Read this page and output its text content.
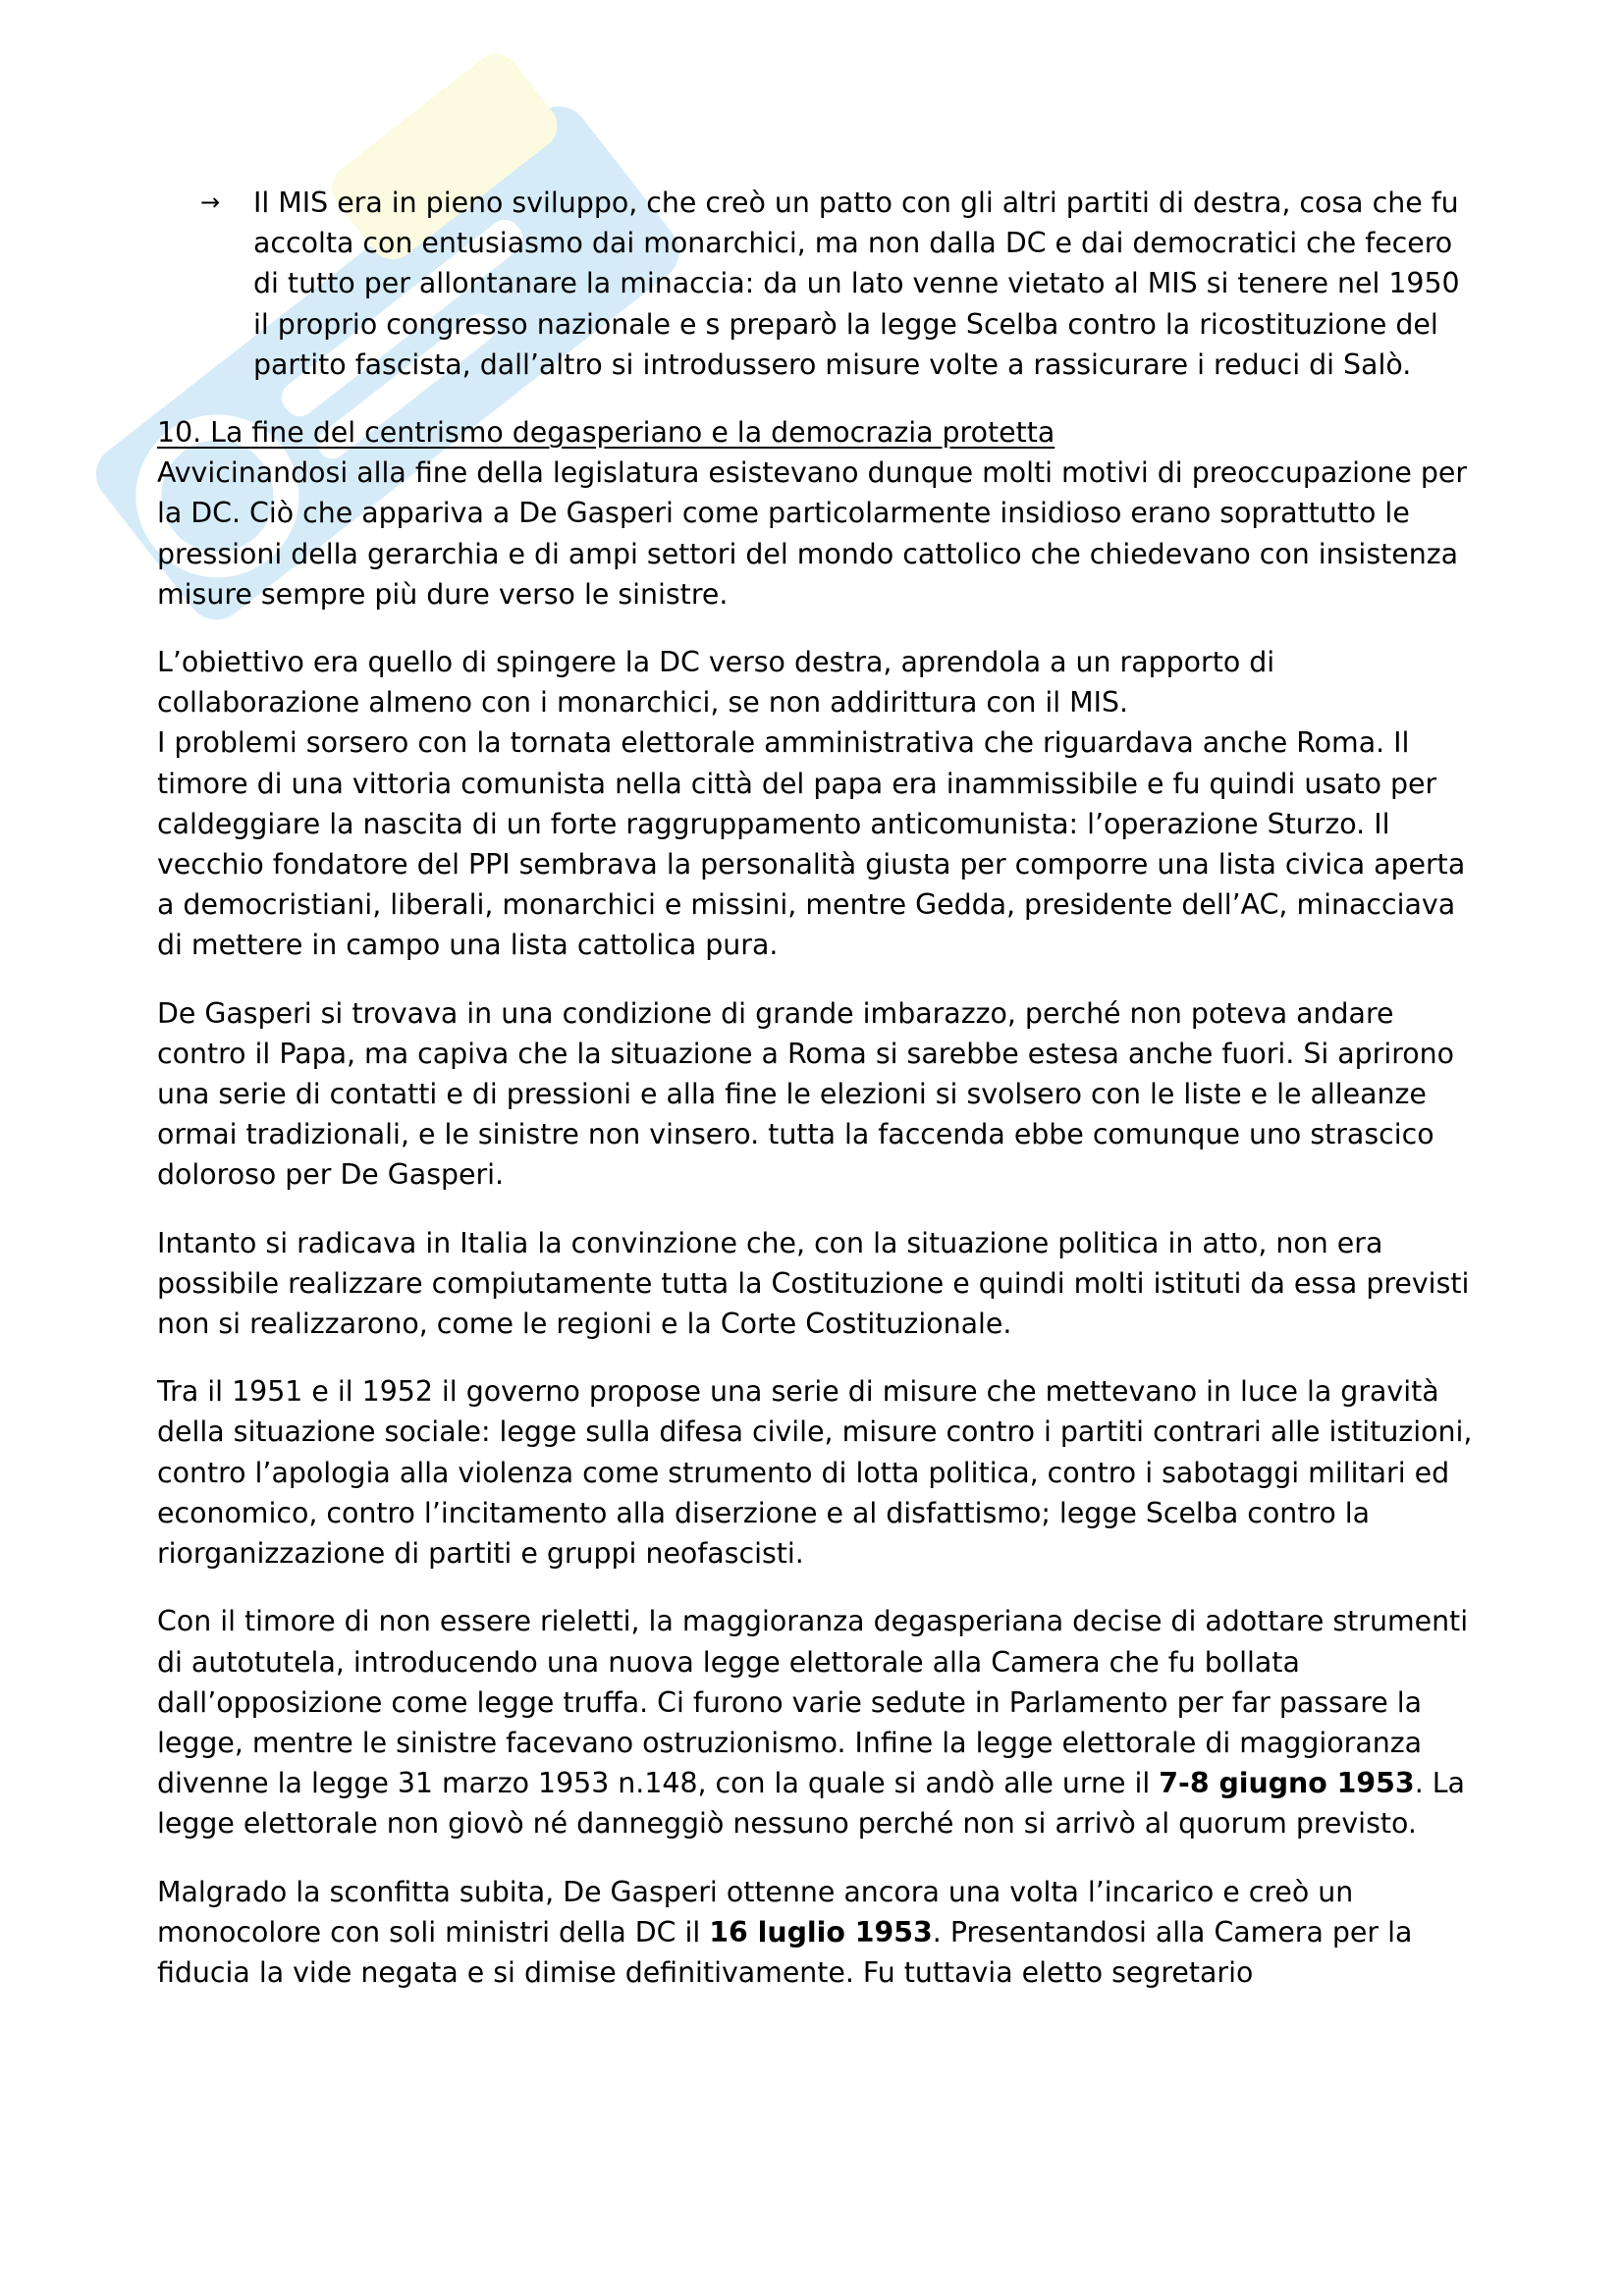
→ Il MIS era in pieno sviluppo, che creò un patto con gli altri partiti di destra, cosa che fu accolta con entusiasmo dai monarchici, ma non dalla DC e dai democratici che fecero di tutto per allontanare la minaccia: da un lato venne vietato al MIS si tenere nel 1950 il proprio congresso nazionale e s preparò la legge Scelba contro la ricostituzione del partito fascista, dall’altro si introdussero misure volte a rassicurare i reduci di Salò.
10. La fine del centrismo degasperiano e la democrazia protetta

Avvicinandosi alla fine della legislatura esistevano dunque molti motivi di preoccupazione per la DC. Ciò che appariva a De Gasperi come particolarmente insidioso erano soprattutto le pressioni della gerarchia e di ampi settori del mondo cattolico che chiedevano con insistenza misure sempre più dure verso le sinistre.

L’obiettivo era quello di spingere la DC verso destra, aprendola a un rapporto di collaborazione almeno con i monarchici, se non addirittura con il MIS.
I problemi sorsero con la tornata elettorale amministrativa che riguardava anche Roma. Il timore di una vittoria comunista nella città del papa era inammissibile e fu quindi usato per caldeggiare la nascita di un forte raggruppamento anticomunista: l’operazione Sturzo. Il vecchio fondatore del PPI sembrava la personalità giusta per comporre una lista civica aperta a democristiani, liberali, monarchici e missini, mentre Gedda, presidente dell’AC, minacciava di mettere in campo una lista cattolica pura.

De Gasperi si trovava in una condizione di grande imbarazzo, perché non poteva andare contro il Papa, ma capiva che la situazione a Roma si sarebbe estesa anche fuori. Si aprirono una serie di contatti e di pressioni e alla fine le elezioni si svolsero con le liste e le alleanze ormai tradizionali, e le sinistre non vinsero. tutta la faccenda ebbe comunque uno strascico doloroso per De Gasperi.

Intanto si radicava in Italia la convinzione che, con la situazione politica in atto, non era possibile realizzare compiutamente tutta la Costituzione e quindi molti istituti da essa previsti non si realizzarono, come le regioni e la Corte Costituzionale.

Tra il 1951 e il 1952 il governo propose una serie di misure che mettevano in luce la gravità della situazione sociale: legge sulla difesa civile, misure contro i partiti contrari alle istituzioni, contro l’apologia alla violenza come strumento di lotta politica, contro i sabotaggi militari ed economico, contro l’incitamento alla diserzione e al disfattismo; legge Scelba contro la riorganizzazione di partiti e gruppi neofascisti.

Con il timore di non essere rieletti, la maggioranza degasperiana decise di adottare strumenti di autotutela, introducendo una nuova legge elettorale alla Camera che fu bollata dall’opposizione come legge truffa. Ci furono varie sedute in Parlamento per far passare la legge, mentre le sinistre facevano ostruzionismo. Infine la legge elettorale di maggioranza divenne la legge 31 marzo 1953 n.148, con la quale si andò alle urne il 7-8 giugno 1953. La legge elettorale non giovò né danneggiò nessuno perché non si arrivò al quorum previsto.

Malgrado la sconfitta subita, De Gasperi ottenne ancora una volta l’incarico e creò un monocolore con soli ministri della DC il 16 luglio 1953. Presentandosi alla Camera per la fiducia la vide negata e si dimise definitivamente. Fu tuttavia eletto segretario
